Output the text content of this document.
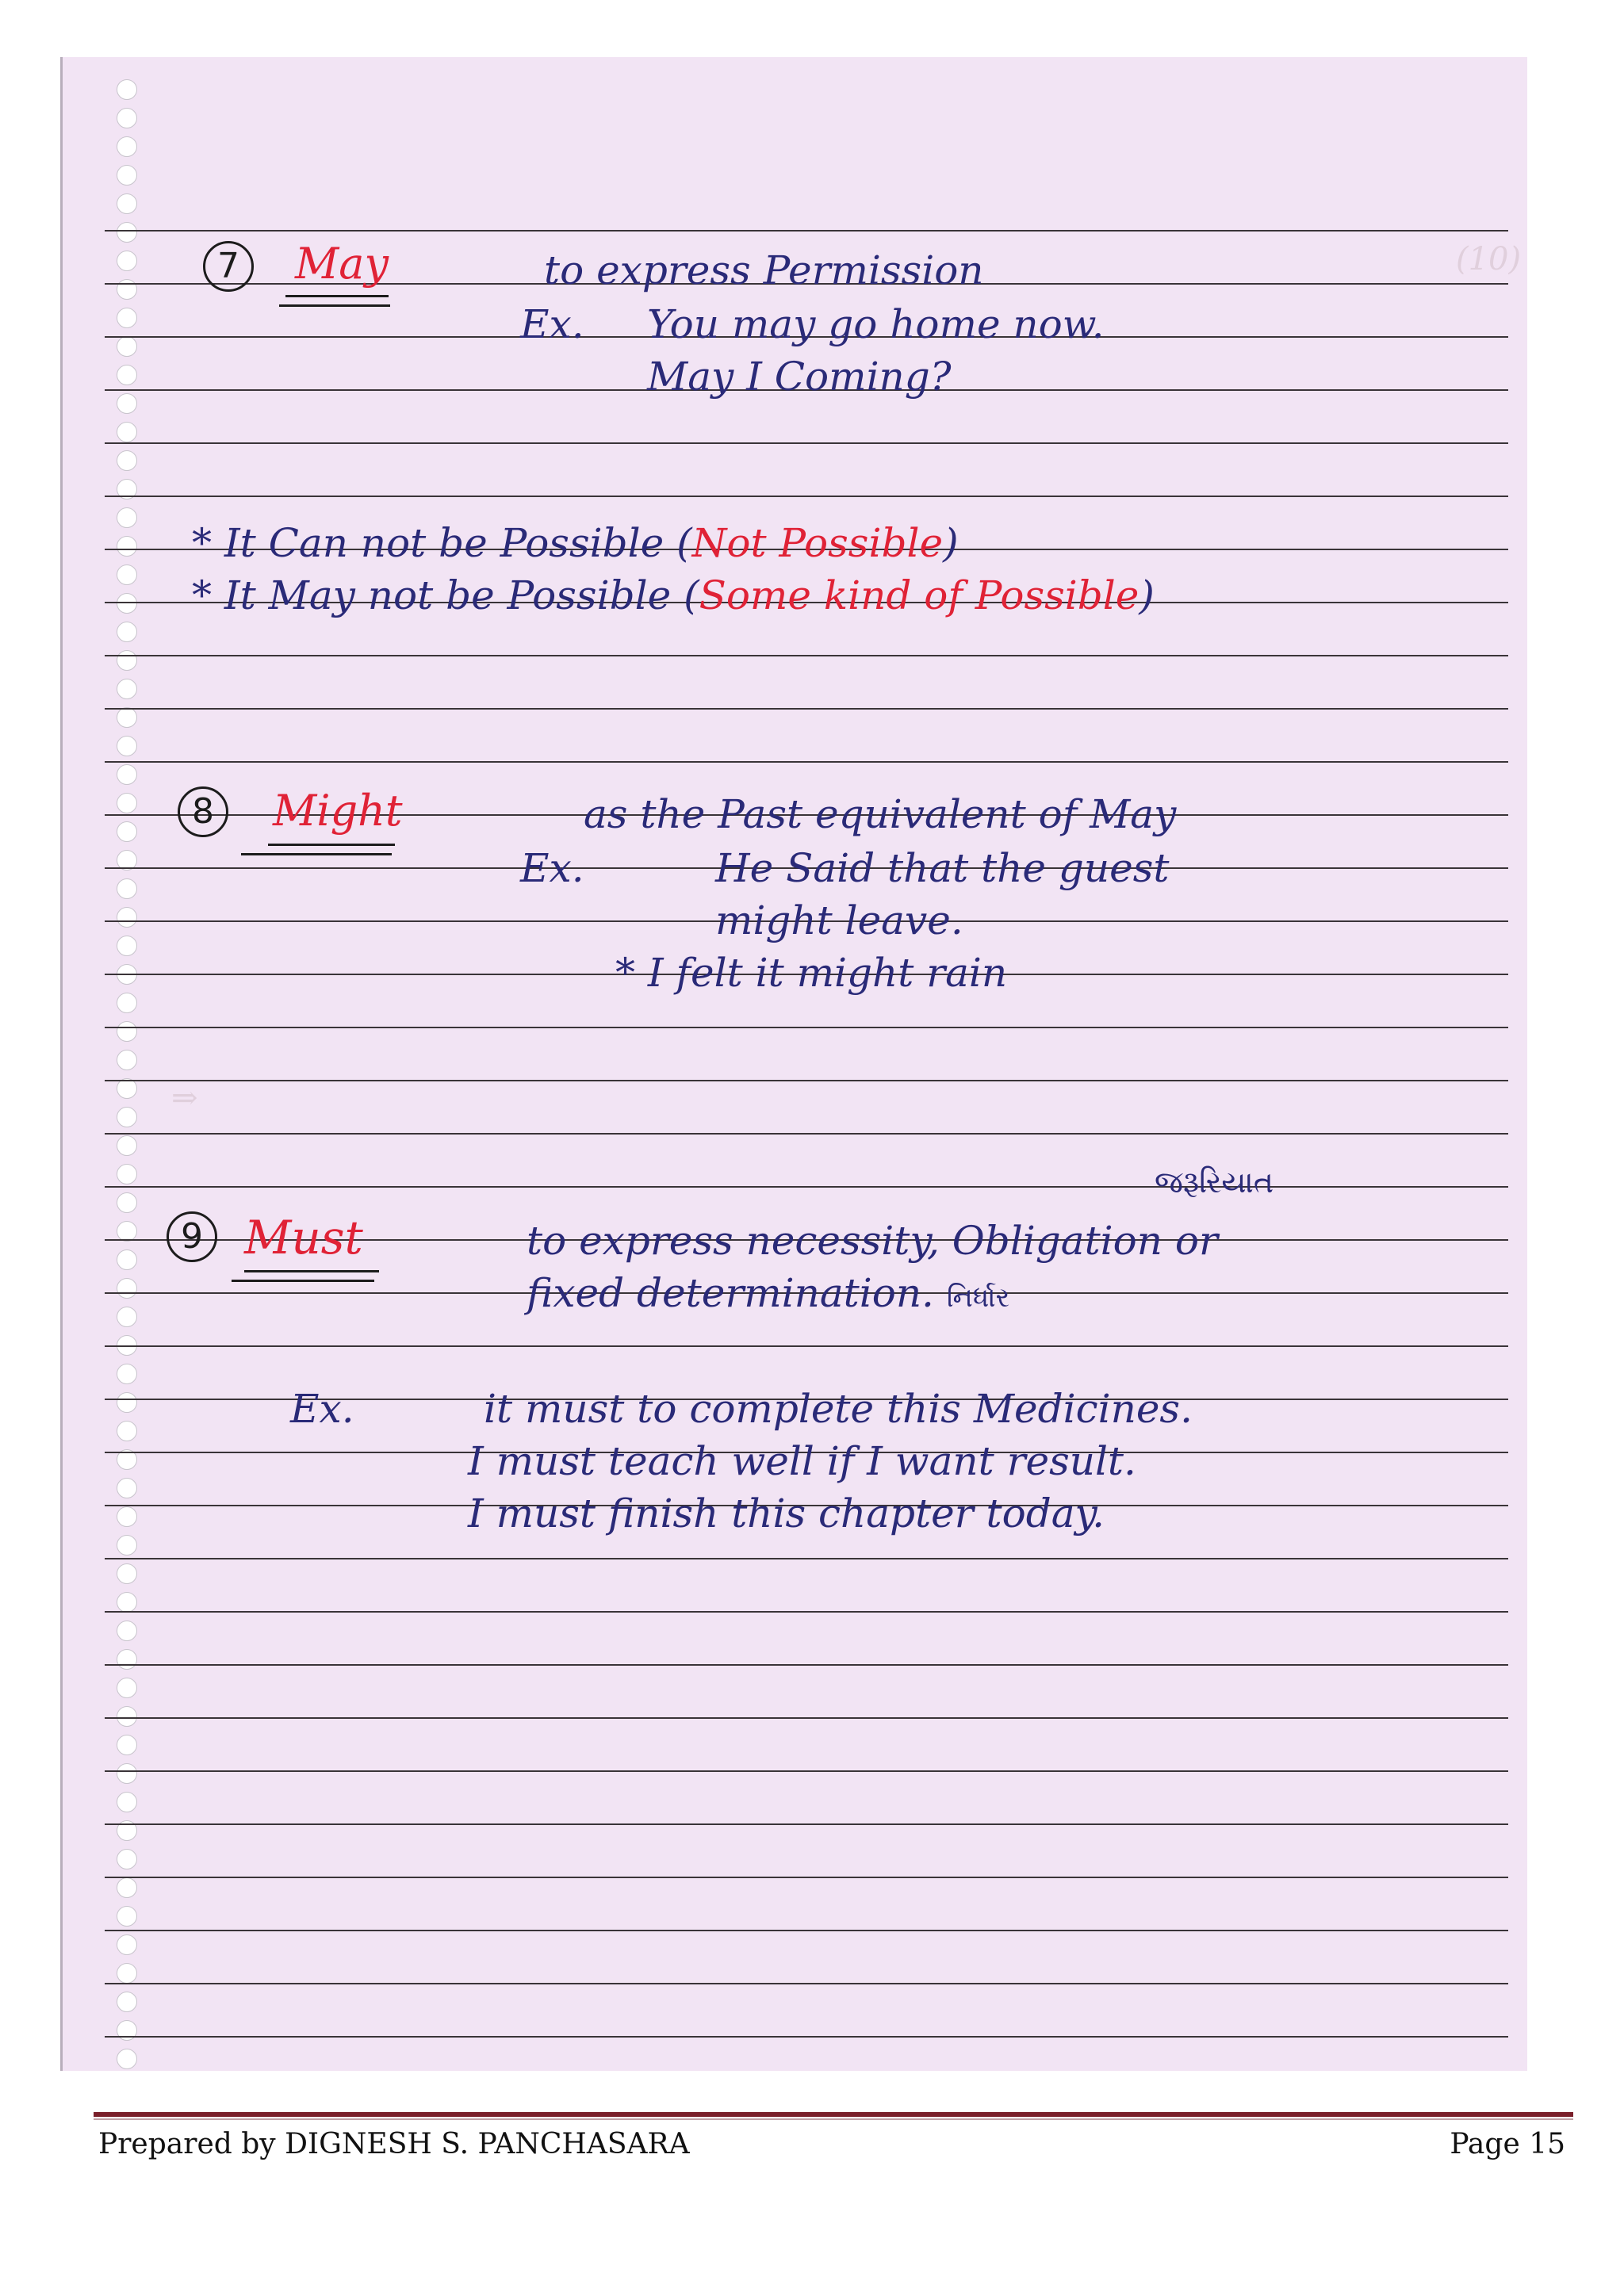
(10)
⇒
7	May	to express Permission
Ex. You may go home now.
May I Coming?
* It Can not be Possible (Not Possible)
* It May not be Possible (Some kind of Possible)
8	Might	as the Past equivalent of May
Ex.	He Said that the guest
might leave.
* I felt it might rain
જરૂરિયાત
9 Must	to express necessity, Obligation or
fixed determination. નિર્ધાર
Ex.	it must to complete this Medicines.
I must teach well if I want result.
I must finish this chapter today.
Prepared by DIGNESH S. PANCHASARA	Page 15
